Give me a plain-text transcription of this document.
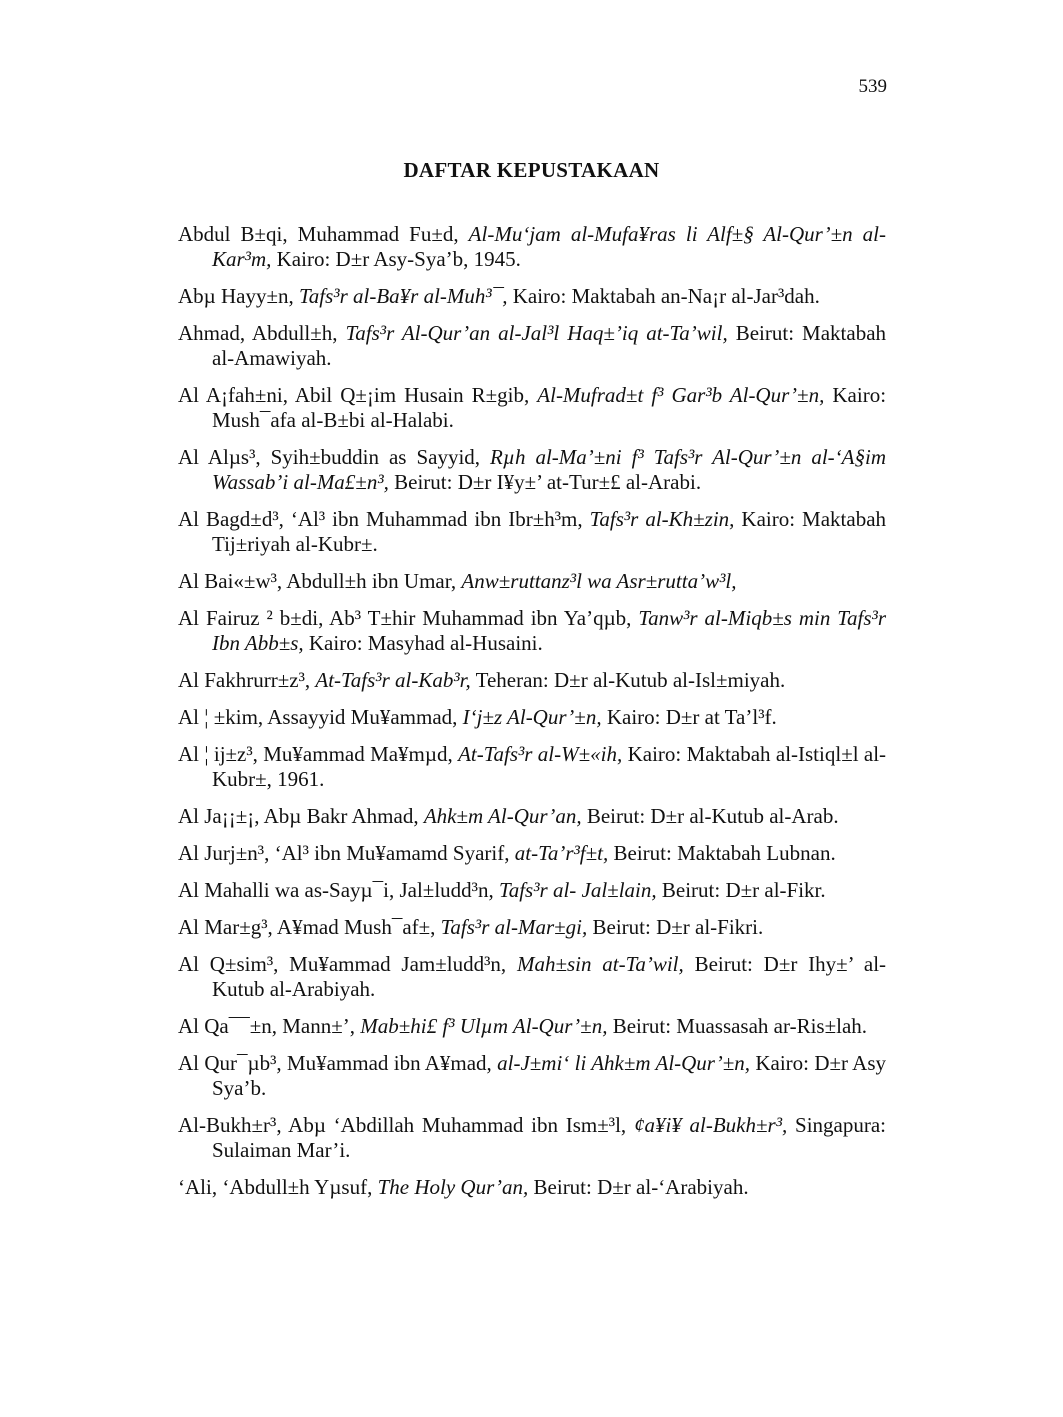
539
DAFTAR KEPUSTAKAAN
Abdul B±qi, Muhammad Fu±d, Al-Mu‘jam al-Mufa¥ras li Alf±§ Al-Qur’±n al-Kar³m, Kairo: D±r Asy-Sya’b, 1945.
Abµ Hayy±n, Tafs³r al-Ba¥r al-Muh³¯, Kairo: Maktabah an-Na¡r al-Jar³dah.
Ahmad, Abdull±h, Tafs³r Al-Qur’an al-Jal³l Haq±’iq at-Ta’wil, Beirut: Maktabah al-Amawiyah.
Al A¡fah±ni, Abil Q±¡im Husain R±gib, Al-Mufrad±t f³ Gar³b Al-Qur’±n, Kairo: Mush¯afa al-B±bi al-Halabi.
Al Alµs³, Syih±buddin as Sayyid, Rµh al-Ma’±ni f³ Tafs³r Al-Qur’±n al-‘A§im Wassab’i al-Ma£±n³, Beirut: D±r I¥y±’ at-Tur±£ al-Arabi.
Al Bagd±d³, ‘Al³ ibn Muhammad ibn Ibr±h³m, Tafs³r al-Kh±zin, Kairo: Maktabah Tij±riyah al-Kubr±.
Al Bai«±w³, Abdull±h ibn Umar, Anw±ruttanz³l wa Asr±rutta’w³l,
Al Fairuz ² b±di, Ab³ T±hir Muhammad ibn Ya’qµb, Tanw³r al-Miqb±s min Tafs³r Ibn Abb±s, Kairo: Masyhad al-Husaini.
Al Fakhrurr±z³, At-Tafs³r al-Kab³r, Teheran: D±r al-Kutub al-Isl±miyah.
Al ¦ ±kim, Assayyid Mu¥ammad, I‘j±z Al-Qur’±n, Kairo: D±r at Ta’l³f.
Al ¦ ij±z³, Mu¥ammad Ma¥mµd, At-Tafs³r al-W±«ih, Kairo: Maktabah al-Istiql±l al-Kubr±, 1961.
Al Ja¡¡±¡, Abµ Bakr Ahmad, Ahk±m Al-Qur’an, Beirut: D±r al-Kutub al-Arab.
Al Jurj±n³, ‘Al³ ibn Mu¥amamd Syarif, at-Ta’r³f±t, Beirut: Maktabah Lubnan.
Al Mahalli wa as-Sayµ¯i, Jal±ludd³n, Tafs³r al- Jal±lain, Beirut: D±r al-Fikr.
Al Mar±g³, A¥mad Mush¯af±, Tafs³r al-Mar±gi, Beirut: D±r al-Fikri.
Al Q±sim³, Mu¥ammad Jam±ludd³n, Mah±sin at-Ta’wil, Beirut: D±r Ihy±’ al-Kutub al-Arabiyah.
Al Qa¯¯±n, Mann±’, Mab±hi£ f³ Ulµm Al-Qur’±n, Beirut: Muassasah ar-Ris±lah.
Al Qur¯µb³, Mu¥ammad ibn A¥mad, al-J±mi‘ li Ahk±m Al-Qur’±n, Kairo: D±r Asy Sya’b.
Al-Bukh±r³, Abµ ‘Abdillah Muhammad ibn Ism±³l, ¢a¥i¥ al-Bukh±r³, Singapura: Sulaiman Mar’i.
‘Ali, ‘Abdull±h Yµsuf, The Holy Qur’an, Beirut: D±r al-‘Arabiyah.
